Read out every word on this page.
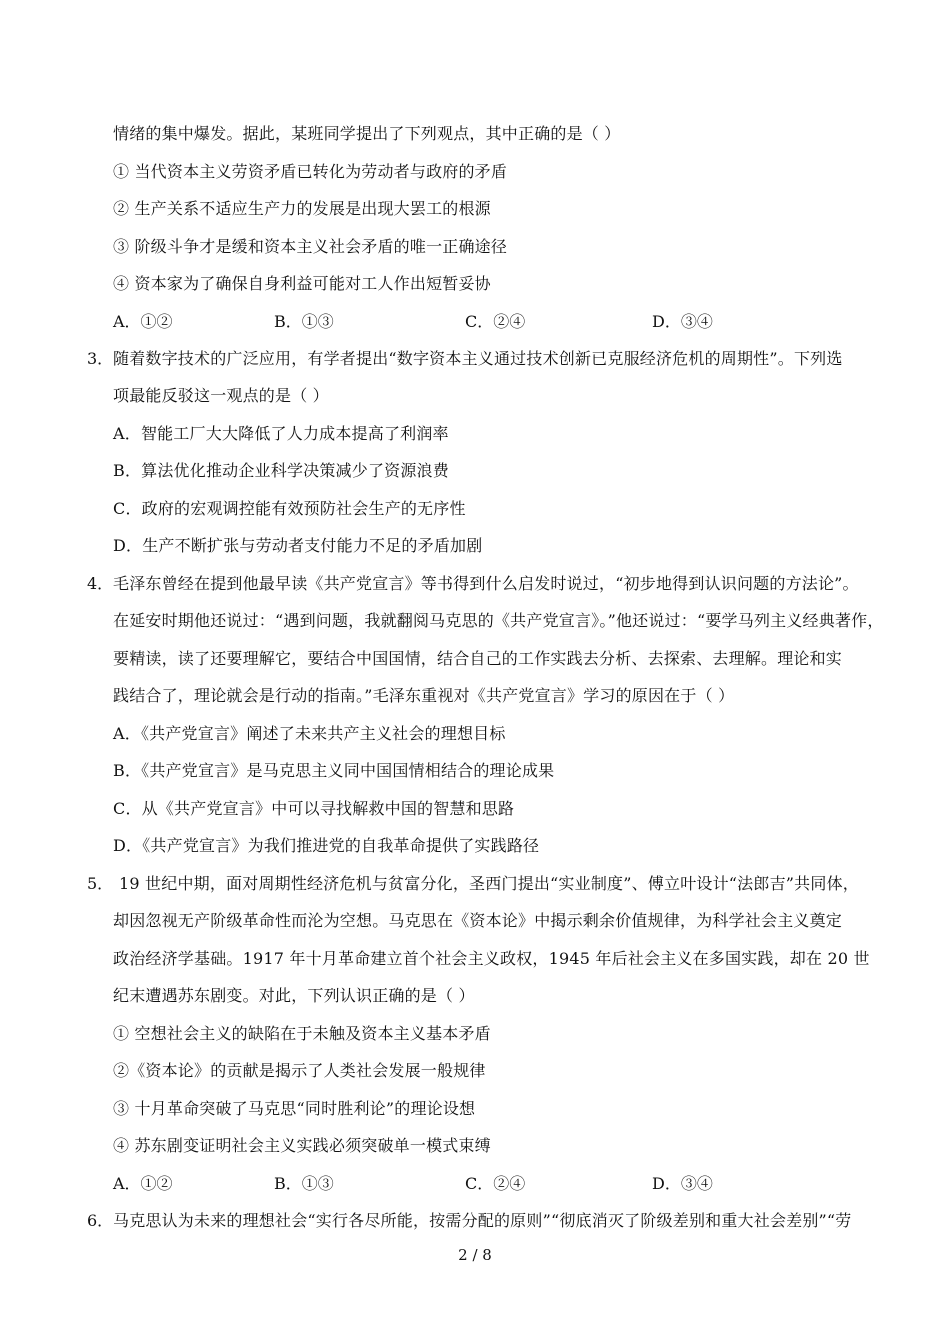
情绪的集中爆发。据此，某班同学提出了下列观点，其中正确的是（ ）
① 当代资本主义劳资矛盾已转化为劳动者与政府的矛盾
② 生产关系不适应生产力的发展是出现大罢工的根源
③ 阶级斗争才是缓和资本主义社会矛盾的唯一正确途径
④ 资本家为了确保自身利益可能对工人作出短暂妥协
A．①②	B．①③	C．②④	D．③④
3． 随着数字技术的广泛应用，有学者提出“数字资本主义通过技术创新已克服经济危机的周期性”。下列选
项最能反驳这一观点的是（ ）
A．智能工厂大大降低了人力成本提高了利润率
B．算法优化推动企业科学决策减少了资源浪费
C．政府的宏观调控能有效预防社会生产的无序性
D．生产不断扩张与劳动者支付能力不足的矛盾加剧
4． 毛泽东曾经在提到他最早读《共产党宣言》等书得到什么启发时说过，“初步地得到认识问题的方法论”。
在延安时期他还说过：“遇到问题，我就翻阅马克思的《共产党宣言》。”他还说过：“要学马列主义经典著作，
要精读，读了还要理解它，要结合中国国情，结合自己的工作实践去分析、去探索、去理解。理论和实
践结合了，理论就会是行动的指南。”毛泽东重视对《共产党宣言》学习的原因在于（ ）
A．《共产党宣言》阐述了未来共产主义社会的理想目标
B．《共产党宣言》是马克思主义同中国国情相结合的理论成果
C．从《共产党宣言》中可以寻找解救中国的智慧和思路
D．《共产党宣言》为我们推进党的自我革命提供了实践路径
5． 19 世纪中期，面对周期性经济危机与贫富分化，圣西门提出“实业制度”、傅立叶设计“法郎吉”共同体，
却因忽视无产阶级革命性而沦为空想。马克思在《资本论》中揭示剩余价值规律，为科学社会主义奠定
政治经济学基础。1917 年十月革命建立首个社会主义政权，1945 年后社会主义在多国实践，却在 20 世
纪末遭遇苏东剧变。对此，下列认识正确的是（ ）
① 空想社会主义的缺陷在于未触及资本主义基本矛盾
②《资本论》的贡献是揭示了人类社会发展一般规律
③ 十月革命突破了马克思“同时胜利论”的理论设想
④ 苏东剧变证明社会主义实践必须突破单一模式束缚
A．①②	B．①③	C．②④	D．③④
6． 马克思认为未来的理想社会“实行各尽所能，按需分配的原则”“彻底消灭了阶级差别和重大社会差别”“劳
2 / 8
